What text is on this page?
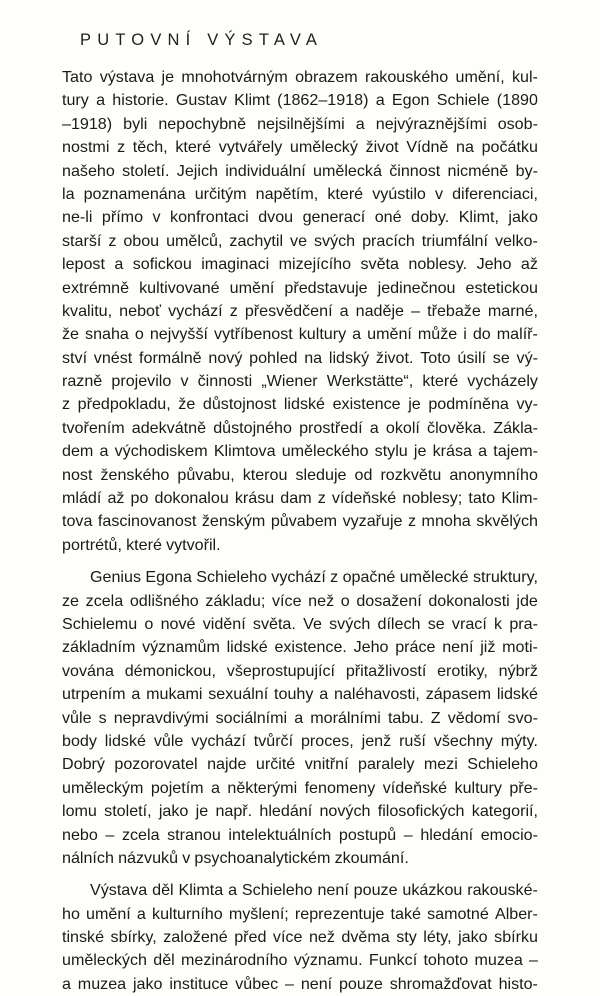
PUTOVNÍ VÝSTAVA
Tato výstava je mnohotvárným obrazem rakouského umění, kul-
tury a historie. Gustav Klimt (1862–1918) a Egon Schiele (1890
–1918) byli nepochybně nejsilnějšími a nejvýraznějšími osob-
nostmi z těch, které vytvářely umělecký život Vídně na počátku
našeho století. Jejich individuální umělecká činnost nicméně by-
la poznamenána určitým napětím, které vyústilo v diferenciaci,
ne-li přímo v konfrontaci dvou generací oné doby. Klimt, jako
starší z obou umělců, zachytil ve svých pracích triumfální velko-
lepost a sofickou imaginaci mizejícího světa noblesy. Jeho až
extrémně kultivované umění představuje jedinečnou estetickou
kvalitu, neboť vychází z přesvědčení a naděje – třebaže marné,
že snaha o nejvyšší vytříbenost kultury a umění může i do malíř-
ství vnést formálně nový pohled na lidský život. Toto úsilí se vý-
razně projevilo v činnosti „Wiener Werkstätte“, které vycházely
z předpokladu, že důstojnost lidské existence je podmíněna vy-
tvořením adekvátně důstojného prostředí a okolí člověka. Zákla-
dem a východiskem Klimtova uměleckého stylu je krása a tajem-
nost ženského půvabu, kterou sleduje od rozkvětu anonymního
mládí až po dokonalou krásu dam z vídeňské noblesy; tato Klim-
tova fascinovanost ženským půvabem vyzařuje z mnoha skvělých
portrétů, které vytvořil.
Genius Egona Schieleho vychází z opačné umělecké struktury,
ze zcela odlišného základu; více než o dosažení dokonalosti jde
Schielemu o nové vidění světa. Ve svých dílech se vrací k pra-
základním významům lidské existence. Jeho práce není již moti-
vována démonickou, všeprostupující přitažlivostí erotiky, nýbrž
utrpením a mukami sexuální touhy a naléhavosti, zápasem lidské
vůle s nepravdivými sociálními a morálními tabu. Z vědomí svo-
body lidské vůle vychází tvůrčí proces, jenž ruší všechny mýty.
Dobrý pozorovatel najde určité vnitřní paralely mezi Schieleho
uměleckým pojetím a některými fenomeny vídeňské kultury pře-
lomu století, jako je např. hledání nových filosofických kategorií,
nebo – zcela stranou intelektuálních postupů – hledání emocio-
nálních názvuků v psychoanalytickém zkoumání.
Výstava děl Klimta a Schieleho není pouze ukázkou rakouské-
ho umění a kulturního myšlení; reprezentuje také samotné Alber-
tinské sbírky, založené před více než dvěma sty léty, jako sbírku
uměleckých děl mezinárodního významu. Funkcí tohoto muzea –
a muzea jako instituce vůbec – není pouze shromažďovat histo-
